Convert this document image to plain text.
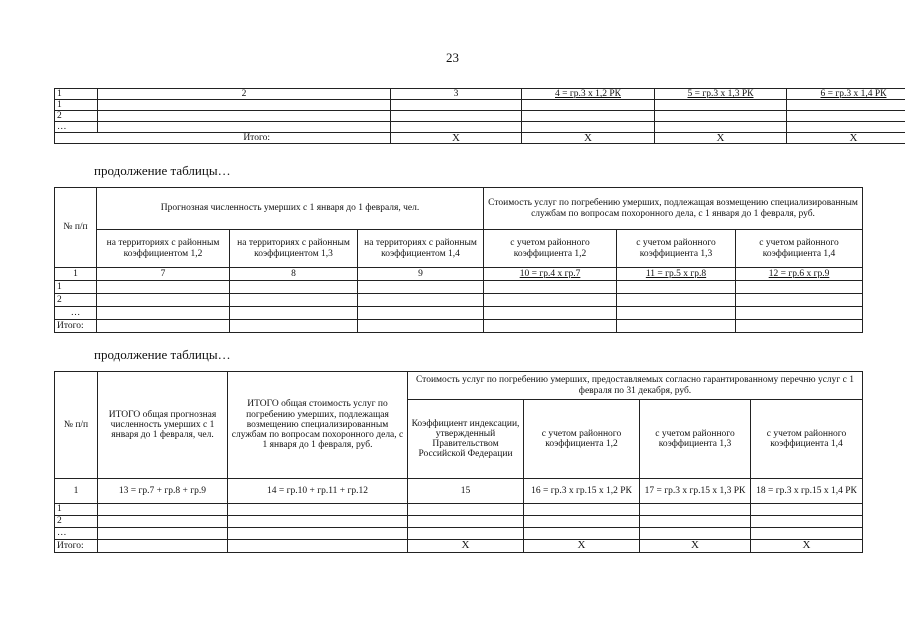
23
1	2	3	4 = гр.3 х 1,2 РК	5 = гр.3 х 1,3 РК	6 = гр.3 х 1,4 РК
1					
2					
…					
Итого:		Х	Х	Х	Х
продолжение таблицы…
№ п/п	Прогнозная численность умерших с 1 января до 1 февраля, чел.			Стоимость услуг по погребению умерших, подлежащая возмещению специализированным службам по вопросам похоронного дела, с 1 января до 1 февраля, руб.		
	на территориях с районным коэффициентом 1,2	на территориях с районным коэффициентом 1,3	на территориях с районным коэффициентом 1,4	с учетом районного коэффициента 1,2	с учетом районного коэффициента 1,3	с учетом районного коэффициента 1,4
1	7	8	9	10 = гр.4 х гр.7	11 = гр.5 х гр.8	12 = гр.6 х гр.9
1						
2						
…						
Итого:						
продолжение таблицы…
№ п/п	ИТОГО общая прогнозная численность умерших с 1 января до 1 февраля, чел.	ИТОГО общая стоимость услуг по погребению умерших, подлежащая возмещению специализированным службам по вопросам похоронного дела, с 1 января до 1 февраля, руб.	Стоимость услуг по погребению умерших, предоставляемых согласно гарантированному перечню услуг с 1 февраля по 31 декабря, руб.			
			Коэффициент индексации, утвержденный Правительством Российской Федерации	с учетом районного коэффициента 1,2	с учетом районного коэффициента 1,3	с учетом районного коэффициента 1,4
1	13 = гр.7 + гр.8 + гр.9	14 = гр.10 + гр.11 + гр.12	15	16 = гр.3 х гр.15 х 1,2 РК	17 = гр.3 х гр.15 х 1,3 РК	18 = гр.3 х гр.15 х 1,4 РК
1						
2						
…						
Итого:			Х	Х	Х	Х
